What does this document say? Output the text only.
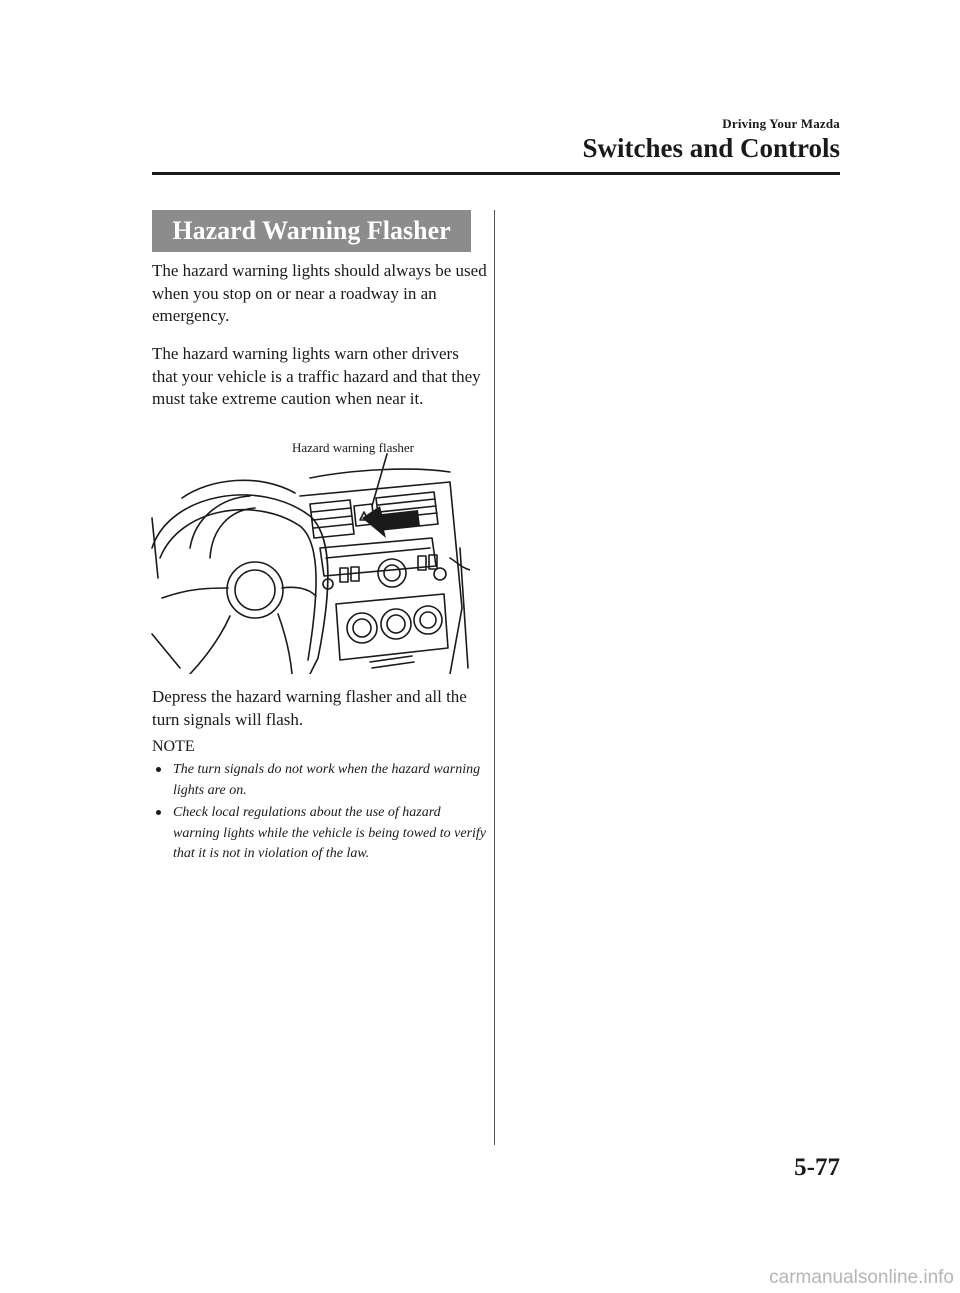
Driving Your Mazda
Switches and Controls
Hazard Warning Flasher
The hazard warning lights should always be used when you stop on or near a roadway in an emergency.
The hazard warning lights warn other drivers that your vehicle is a traffic hazard and that they must take extreme caution when near it.
Hazard warning flasher
Depress the hazard warning flasher and all the turn signals will flash.
NOTE
The turn signals do not work when the hazard warning lights are on.
Check local regulations about the use of hazard warning lights while the vehicle is being towed to verify that it is not in violation of the law.
5-77
carmanualsonline.info
